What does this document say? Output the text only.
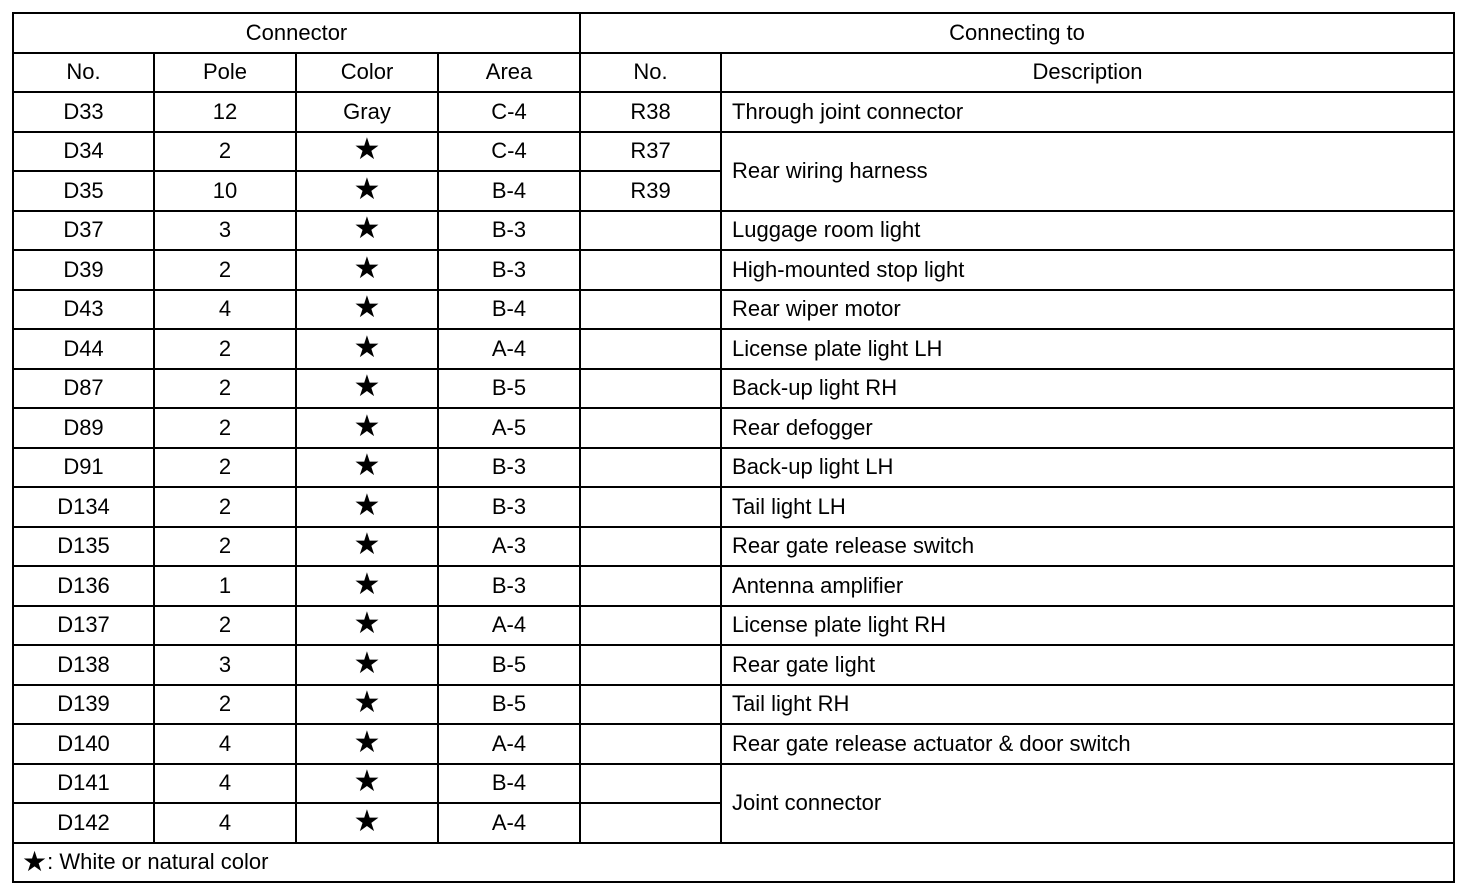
Connector				Connecting to	
No.	Pole	Color	Area	No.	Description
D33	12	Gray	C-4	R38	Through joint connector
D34	2	★	C-4	R37	Rear wiring harness
D35	10	★	B-4	R39	
D37	3	★	B-3		Luggage room light
D39	2	★	B-3		High-mounted stop light
D43	4	★	B-4		Rear wiper motor
D44	2	★	A-4		License plate light LH
D87	2	★	B-5		Back-up light RH
D89	2	★	A-5		Rear defogger
D91	2	★	B-3		Back-up light LH
D134	2	★	B-3		Tail light LH
D135	2	★	A-3		Rear gate release switch
D136	1	★	B-3		Antenna amplifier
D137	2	★	A-4		License plate light RH
D138	3	★	B-5		Rear gate light
D139	2	★	B-5		Tail light RH
D140	4	★	A-4		Rear gate release actuator & door switch
D141	4	★	B-4		Joint connector
D142	4	★	A-4		
★: White or natural color					
